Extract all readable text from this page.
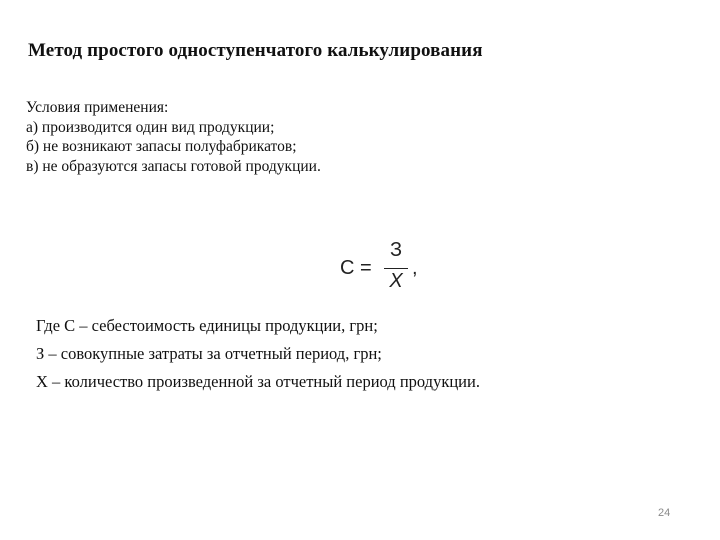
Метод простого одноступенчатого калькулирования
Условия применения:
а) производится один вид продукции;
б) не возникают запасы полуфабрикатов;
в) не образуются запасы готовой продукции.
С =
З
Х
,
Где С – себестоимость единицы продукции, грн;
З – совокупные затраты за отчетный период, грн;
Х – количество произведенной за отчетный период продукции.
24
